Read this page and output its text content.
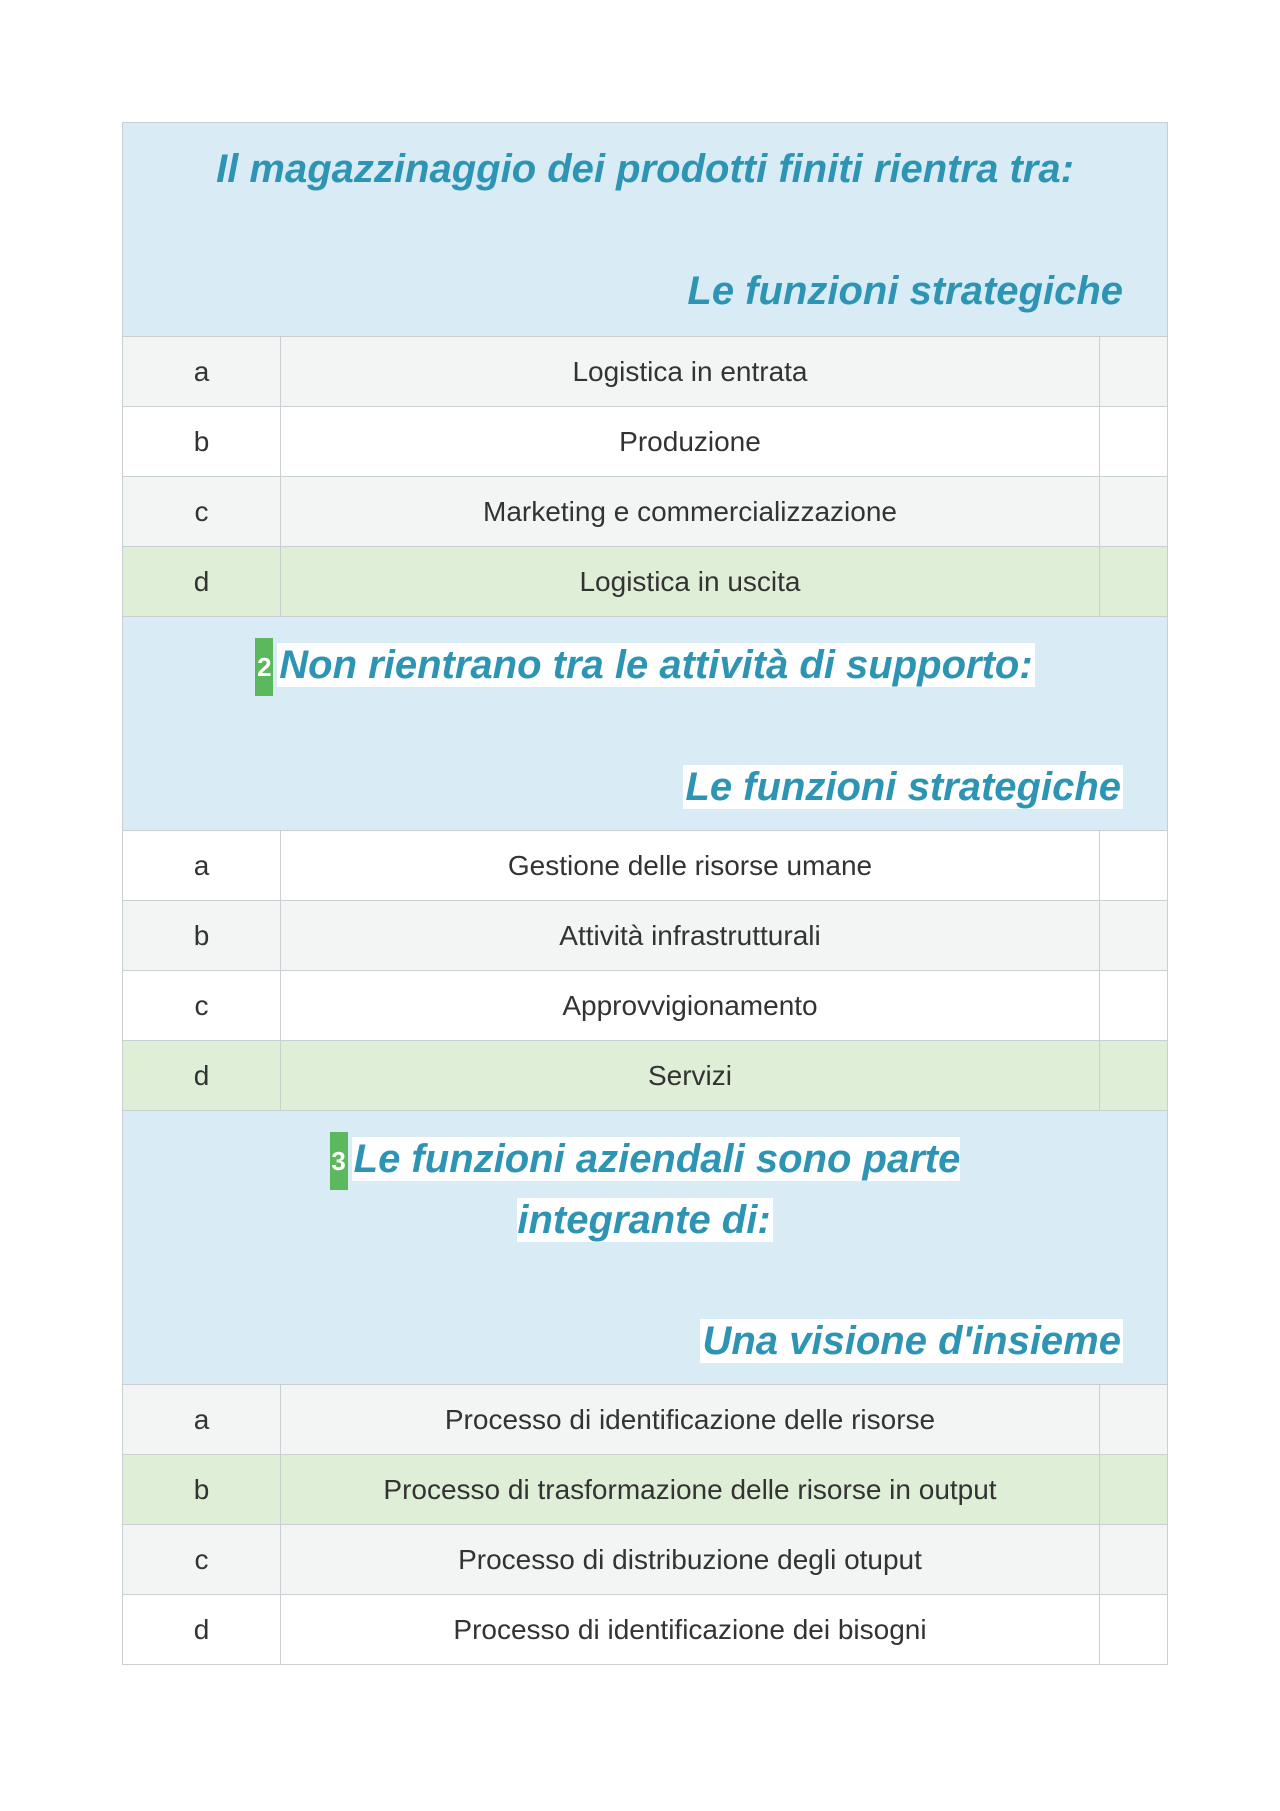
Il magazzinaggio dei prodotti finiti rientra tra:
Le funzioni strategiche
a	Logistica in entrata
b	Produzione
c	Marketing e commercializzazione
d	Logistica in uscita
2 Non rientrano tra le attività di supporto:
Le funzioni strategiche
a	Gestione delle risorse umane
b	Attività infrastrutturali
c	Approvvigionamento
d	Servizi
3 Le funzioni aziendali sono parte integrante di:
Una visione d'insieme
a	Processo di identificazione delle risorse
b	Processo di trasformazione delle risorse in output
c	Processo di distribuzione degli otuput
d	Processo di identificazione dei bisogni
